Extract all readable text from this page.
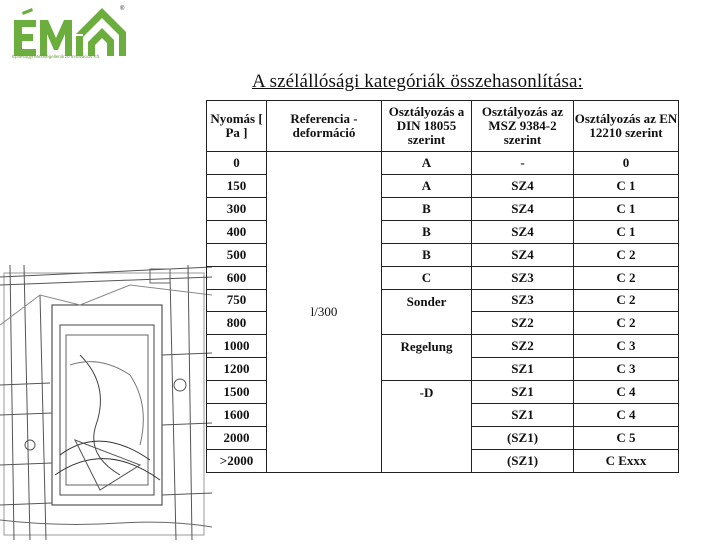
®
Építésügyi Minőségellenőrző Innovációs Kft.
A szélállósági kategóriák összehasonlítása:
Nyomás [ Pa ]	Referencia - deformáció	Osztályozás a DIN 18055 szerint	Osztályozás az MSZ 9384-2 szerint	Osztályozás az EN 12210 szerint
0	l/300	A	-	0
150		A	SZ4	C 1
300		B	SZ4	C 1
400		B	SZ4	C 1
500		B	SZ4	C 2
600		C	SZ3	C 2
750		Sonder	SZ3	C 2
800			SZ2	C 2
1000		Regelung	SZ2	C 3
1200			SZ1	C 3
1500		-D	SZ1	C 4
1600			SZ1	C 4
2000			(SZ1)	C 5
>2000			(SZ1)	C Exxx
